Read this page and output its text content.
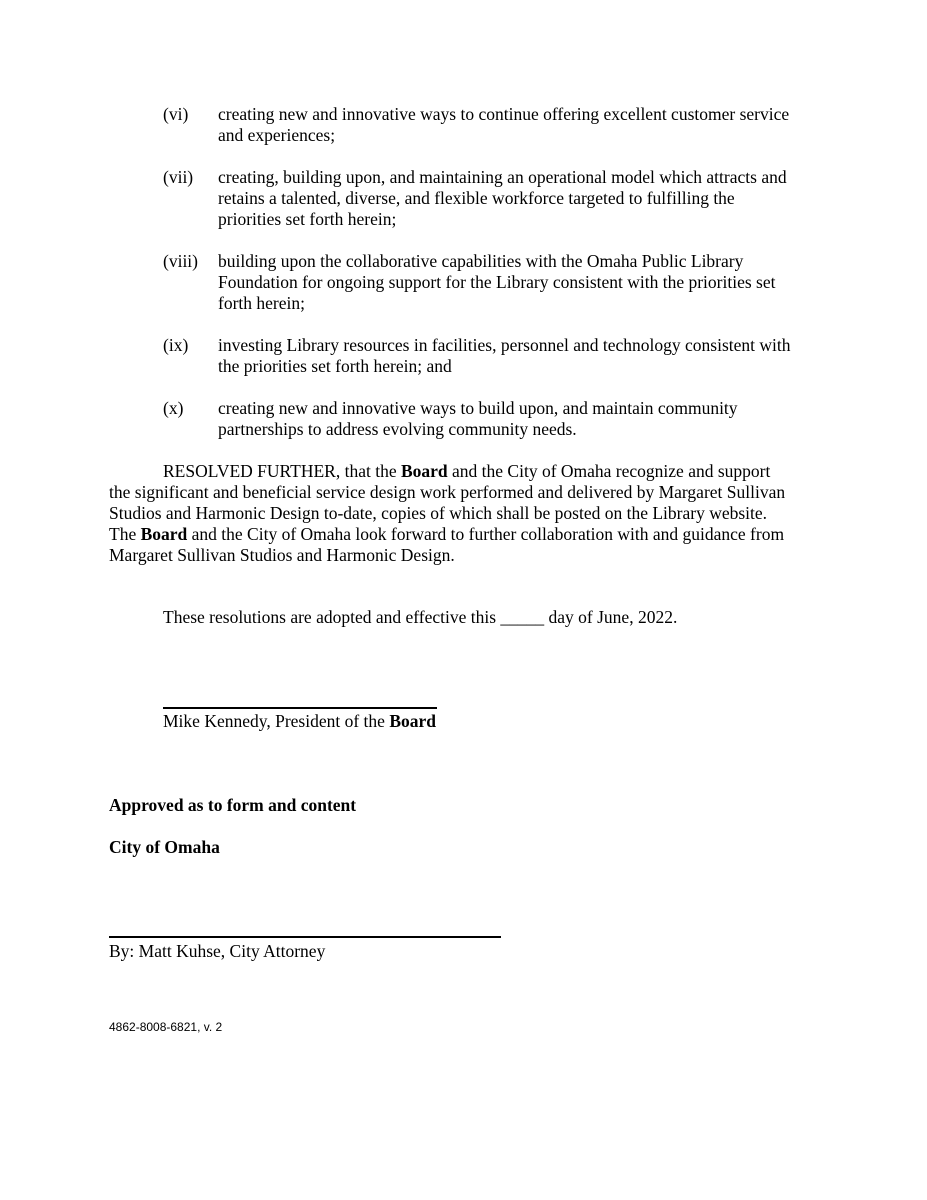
(vi) creating new and innovative ways to continue offering excellent customer service
and experiences;
(vii) creating, building upon, and maintaining an operational model which attracts and
retains a talented, diverse, and flexible workforce targeted to fulfilling the
priorities set forth herein;
(viii) building upon the collaborative capabilities with the Omaha Public Library
Foundation for ongoing support for the Library consistent with the priorities set
forth herein;
(ix) investing Library resources in facilities, personnel and technology consistent with
the priorities set forth herein; and
(x) creating new and innovative ways to build upon, and maintain community
partnerships to address evolving community needs.
RESOLVED FURTHER, that the Board and the City of Omaha recognize and support
the significant and beneficial service design work performed and delivered by Margaret Sullivan
Studios and Harmonic Design to-date, copies of which shall be posted on the Library website.
The Board and the City of Omaha look forward to further collaboration with and guidance from
Margaret Sullivan Studios and Harmonic Design.
These resolutions are adopted and effective this _____ day of June, 2022.
Mike Kennedy, President of the Board
Approved as to form and content
City of Omaha
By: Matt Kuhse, City Attorney
4862-8008-6821, v. 2
